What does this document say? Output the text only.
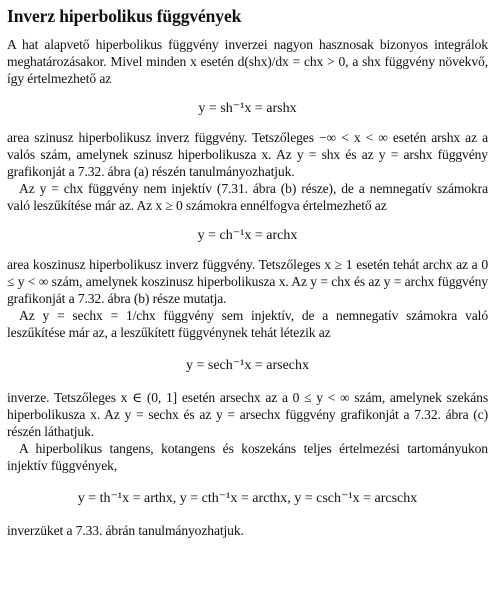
Inverz hiperbolikus függvények

A hat alapvető hiperbolikus függvény inverzei nagyon hasznosak bizonyos integrálok meghatározásakor. Mivel minden x esetén d(shx)/dx = chx > 0, a shx függvény növekvő, így értelmezhető az

y = sh⁻¹x = arshx

area szinusz hiperbolikusz inverz függvény. Tetszőleges −∞ < x < ∞ esetén arshx az a valós szám, amelynek szinusz hiperbolikusza x. Az y = shx és az y = arshx függvény grafikonját a 7.32. ábra (a) részén tanulmányozhatjuk.

Az y = chx függvény nem injektív (7.31. ábra (b) része), de a nemnegatív számokra való leszűkítése már az. Az x ≥ 0 számokra ennélfogva értelmezhető az

y = ch⁻¹x = archx

area koszinusz hiperbolikusz inverz függvény. Tetszőleges x ≥ 1 esetén tehát archx az a 0 ≤ y < ∞ szám, amelynek koszinusz hiperbolikusza x. Az y = chx és az y = archx függvény grafikonját a 7.32. ábra (b) része mutatja.

Az y = sechx = 1/chx függvény sem injektív, de a nemnegatív számokra való leszűkítése már az, a leszűkített függvénynek tehát létezik az

y = sech⁻¹x = arsechx

inverze. Tetszőleges x ∈ (0, 1] esetén arsechx az a 0 ≤ y < ∞ szám, amelynek szekáns hiperbolikusza x. Az y = sechx és az y = arsechx függvény grafikonját a 7.32. ábra (c) részén láthatjuk.

A hiperbolikus tangens, kotangens és koszekáns teljes értelmezési tartományukon injektív függvények,

y = th⁻¹x = arthx, y = cth⁻¹x = arcthx, y = csch⁻¹x = arcschx

inverzüket a 7.33. ábrán tanulmányozhatjuk.
